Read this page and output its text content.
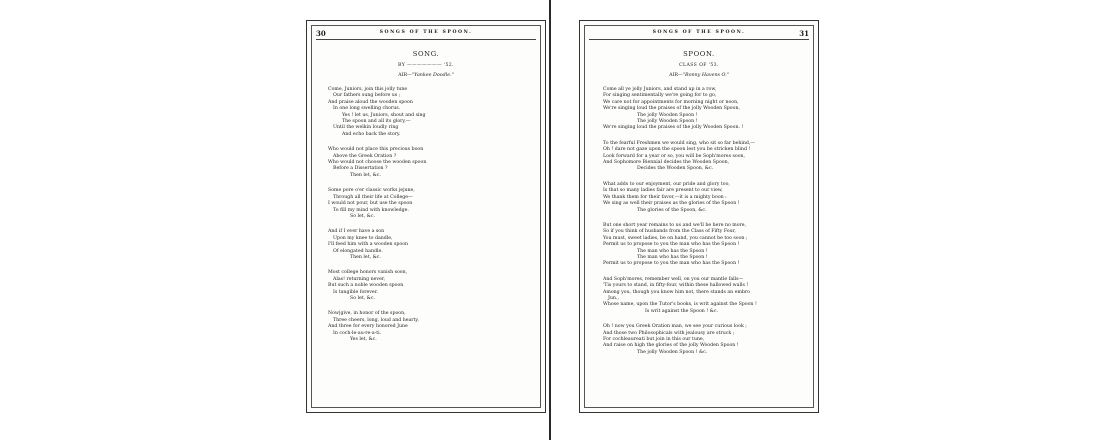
30	SONGS OF THE SPOON.
SONG.
BY ——————— '52.
AIR—"Yankee Doodle."
Come, Juniors, join this jolly tune
Our fathers sung before us ;
And praise aloud the wooden spoon
In one long swelling chorus.
Yes ! let us, Juniors, shout and sing
The spoon and all its glory,—
Until the welkin loudly ring
And echo back the story.
Who would not place this precious boon
Above the Greek Oration ?
Who would not choose the wooden spoon
Before a Dissertation ?
Then let, &c.
Some pore o'er classic works jejune,
Through all their life at College—
I would not pour, but use the spoon
To fill my mind with knowledge.
So let, &c.
And if I ever have a son
Upon my knee to dandle,
I'll feed him with a wooden spoon
Of elongated handle.
Then let, &c.
Most college honors vanish soon,
Alas! returning never,
But such a noble wooden spoon
Is tangible forever.
So let, &c.
Now|give, in honor of the spoon,
Three cheers, long, loud and hearty,
And three for every honored June
In coch-le-au-re-a-ti.
Yes let, &c.
SONGS OF THE SPOON.	31
SPOON.
CLASS OF '53.
AIR—"Bonny Havens O."
Come all ye jolly Juniors, and stand up in a row,
For singing sentimentally we're going for to go,
We care not for appointments for morning night or noon,
We're singing loud the praises of the jolly Wooden Spoon,
The jolly Wooden Spoon !
The jolly Wooden Spoon !
We're singing loud the praises of the jolly Wooden Spoon. !
To the fearful Freshmen we would sing, who sit so far behind,—
Oh ! dare not gaze upon the spoon lest you be stricken blind !
Look forward for a year or so, you will be Soph'mores soon,
And Sophomore Biennial decides the Wooden Spoon,
Decides the Wooden Spoon, &c.
What adds to our enjoyment, our pride and glory too,
Is that so many ladies fair are present to our view,
We thank them for their favor,—it is a mighty boon :
We sing as well their praises as the glories of the Spoon !
The glories of the Spoon, &c.
But one short year remains to us and we'll be here no more,
So if you think of husbands from the Class of Fifty Four,
You must, sweet ladies, be on hand, you cannot be too soon ;
Permit us to propose to you the man who has the Spoon !
The man who has the Spoon !
The man who has the Spoon !
Permit us to propose to you the man who has the Spoon !
And Soph'mores, remember well, on you our mantle falls—
'Tis yours to stand, in fifty-four, within these hallowed walls !
Among you, though you know him not, there stands an embro
Jun.,
Whose name, upon the Tutor's books, is writ against the Spoon !
Is writ against the Spoon ! &c.
Oh ! now you Greek Oration man, we see your curious look ;
And those two Philosophicals with jealousy are struck ;
For cochleaureati but join in this our tune,
And raise on high the glories of the jolly Wooden Spoon !
The jolly Wooden Spoon ! &c.
